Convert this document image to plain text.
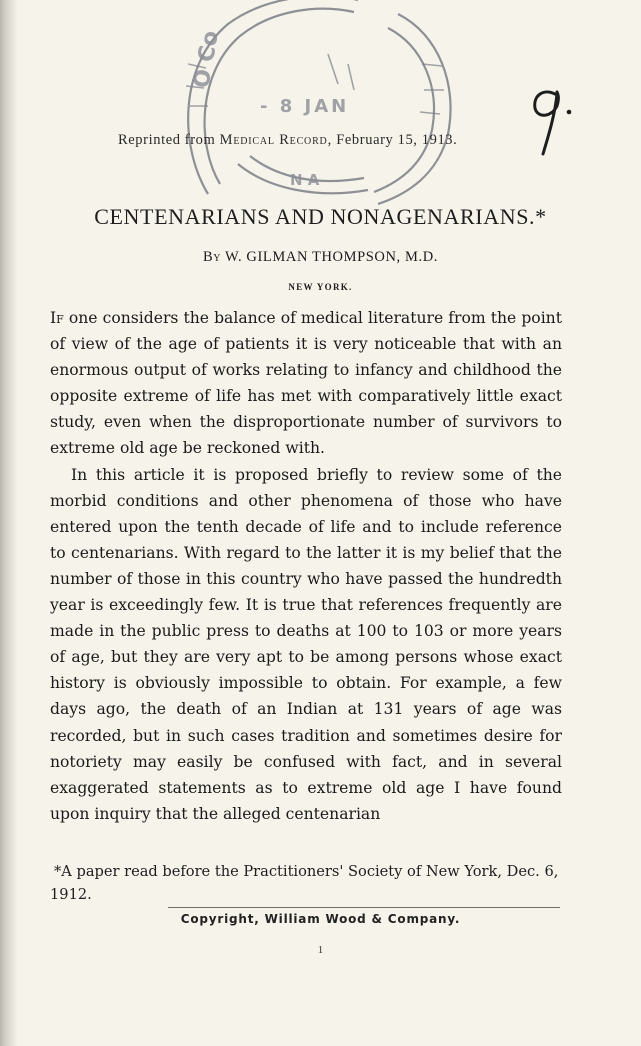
O Co
- 8 JAN
N A
Reprinted from Medical Record, February 15, 1913.
CENTENARIANS AND NONAGENARIANS.*
By W. GILMAN THOMPSON, M.D.
NEW YORK.

If one considers the balance of medical literature from the point of view of the age of patients it is very noticeable that with an enormous output of works relating to infancy and childhood the opposite extreme of life has met with comparatively little exact study, even when the disproportionate number of survivors to extreme old age be reckoned with.

In this article it is proposed briefly to review some of the morbid conditions and other phenomena of those who have entered upon the tenth decade of life and to include reference to centenarians. With regard to the latter it is my belief that the number of those in this country who have passed the hundredth year is exceedingly few. It is true that references frequently are made in the public press to deaths at 100 to 103 or more years of age, but they are very apt to be among persons whose exact history is obviously impossible to obtain. For example, a few days ago, the death of an Indian at 131 years of age was recorded, but in such cases tradition and sometimes desire for notoriety may easily be confused with fact, and in several exaggerated statements as to extreme old age I have found upon inquiry that the alleged centenarian

*A paper read before the Practitioners' Society of New York, Dec. 6, 1912.

Copyright, William Wood & Company.
1
